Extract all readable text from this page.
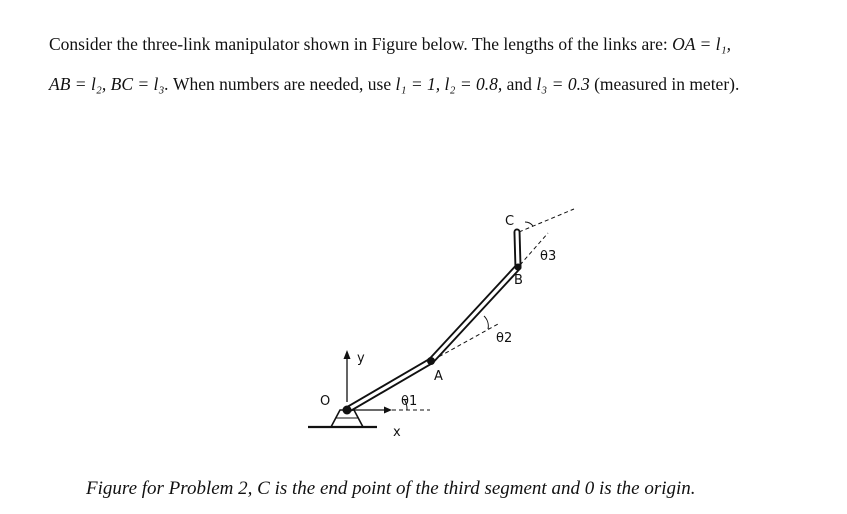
Consider the three-link manipulator shown in Figure below. The lengths of the links are: OA = l₁,
AB = l₂, BC = l₃. When numbers are needed, use l₁ = 1, l₂ = 0.8, and l₃ = 0.3 (measured in meter).
y
x
O
A
B
C
θ1
θ2
θ3
Figure for Problem 2, C is the end point of the third segment and 0 is the origin.
